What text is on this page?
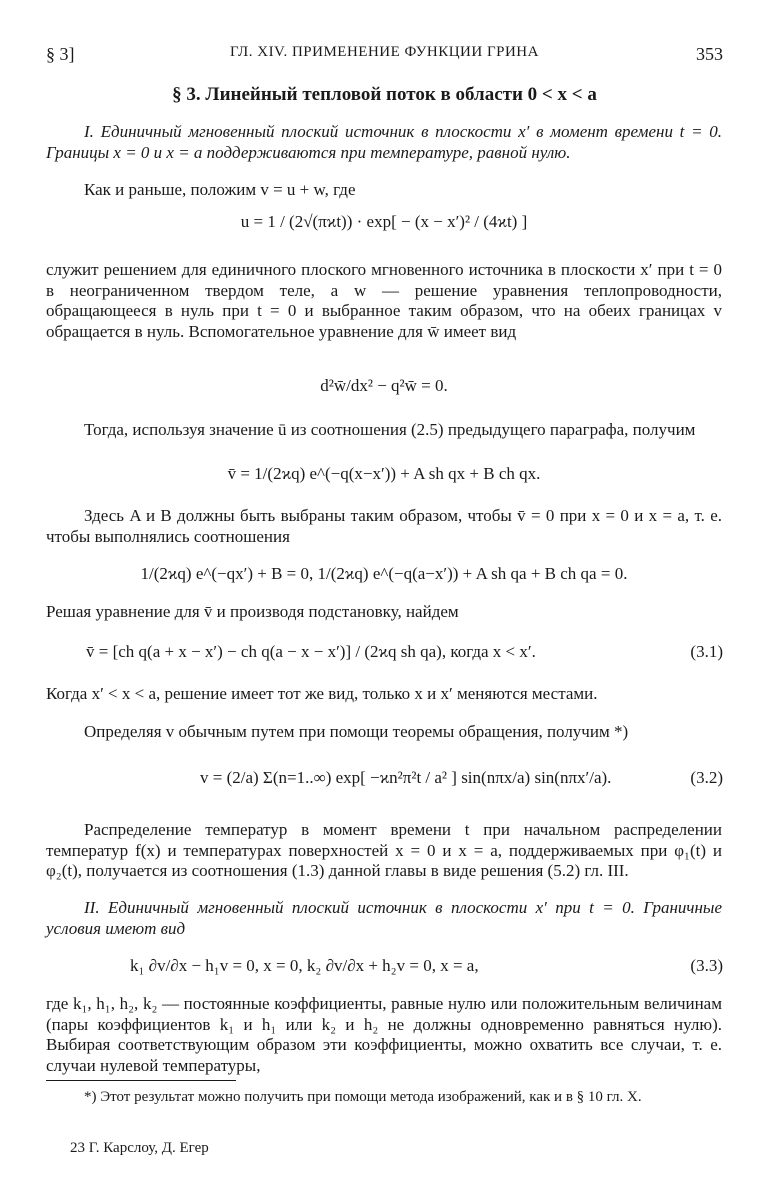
§ 3]	ГЛ. XIV. ПРИМЕНЕНИЕ ФУНКЦИИ ГРИНА	353
§ 3. Линейный тепловой поток в области 0 < x < a
I. Единичный мгновенный плоский источник в плоскости x′ в момент времени t = 0. Границы x = 0 и x = a поддерживаются при температуре, равной нулю.
Как и раньше, положим v = u + w, где
u = 1 / (2√(πϰt)) · exp[ − (x − x′)² / (4ϰt) ]
служит решением для единичного плоского мгновенного источника в плоскости x′ при t = 0 в неограниченном твердом теле, а w — решение уравнения теплопроводности, обращающееся в нуль при t = 0 и выбранное таким образом, что на обеих границах v обращается в нуль. Вспомогательное уравнение для w̄ имеет вид
d²w̄/dx² − q²w̄ = 0.
Тогда, используя значение ū из соотношения (2.5) предыдущего параграфа, получим
v̄ = 1/(2ϰq) e^(−q(x−x′)) + A sh qx + B ch qx.
Здесь A и B должны быть выбраны таким образом, чтобы v̄ = 0 при x = 0 и x = a, т. е. чтобы выполнялись соотношения
1/(2ϰq) e^(−qx′) + B = 0, 1/(2ϰq) e^(−q(a−x′)) + A sh qa + B ch qa = 0.
Решая уравнение для v̄ и производя подстановку, найдем
v̄ = [ch q(a + x − x′) − ch q(a − x − x′)] / (2ϰq sh qa), когда x < x′.	(3.1)
Когда x′ < x < a, решение имеет тот же вид, только x и x′ меняются местами.
Определяя v обычным путем при помощи теоремы обращения, получим *)
v = (2/a) Σ(n=1..∞) exp[ −ϰn²π²t / a² ] sin(nπx/a) sin(nπx′/a).	(3.2)
Распределение температур в момент времени t при начальном распределении температур f(x) и температурах поверхностей x = 0 и x = a, поддерживаемых при φ₁(t) и φ₂(t), получается из соотношения (1.3) данной главы в виде решения (5.2) гл. III.
II. Единичный мгновенный плоский источник в плоскости x′ при t = 0. Граничные условия имеют вид
k₁ ∂v/∂x − h₁v = 0, x = 0, k₂ ∂v/∂x + h₂v = 0, x = a,	(3.3)
где k₁, h₁, h₂, k₂ — постоянные коэффициенты, равные нулю или положительным величинам (пары коэффициентов k₁ и h₁ или k₂ и h₂ не должны одновременно равняться нулю). Выбирая соответствующим образом эти коэффициенты, можно охватить все случаи, т. е. случаи нулевой температуры,
*) Этот результат можно получить при помощи метода изображений, как и в § 10 гл. X.
23 Г. Карслоу, Д. Егер
